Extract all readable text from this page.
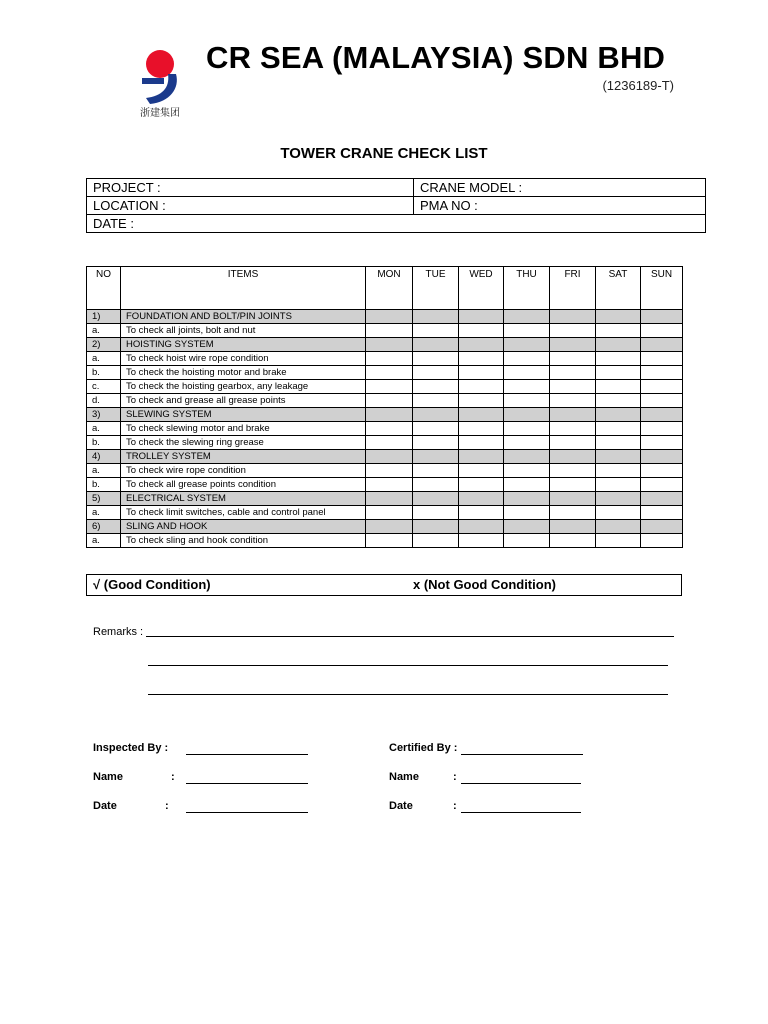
浙建集团
CR SEA (MALAYSIA) SDN BHD
(1236189-T)
TOWER CRANE CHECK LIST
PROJECT :	CRANE MODEL :
LOCATION :	PMA NO :
DATE :	
NO	ITEMS	MON	TUE	WED	THU	FRI	SAT	SUN
1)	FOUNDATION AND BOLT/PIN JOINTS							
a.	To check all joints, bolt and nut							
2)	HOISTING SYSTEM							
a.	To check hoist wire rope condition							
b.	To check the hoisting motor and brake							
c.	To check the hoisting gearbox, any leakage							
d.	To check and grease all grease points							
3)	SLEWING SYSTEM							
a.	To check slewing motor and brake							
b.	To check the slewing ring grease							
4)	TROLLEY SYSTEM							
a.	To check wire rope condition							
b.	To check all grease points condition							
5)	ELECTRICAL SYSTEM							
a.	To check limit switches, cable and control panel							
6)	SLING AND HOOK							
a.	To check sling and hook condition							
√ (Good Condition)	x (Not Good Condition)
Remarks :
Inspected By :
Name	:
Date	:
Certified By :
Name	:
Date	:
